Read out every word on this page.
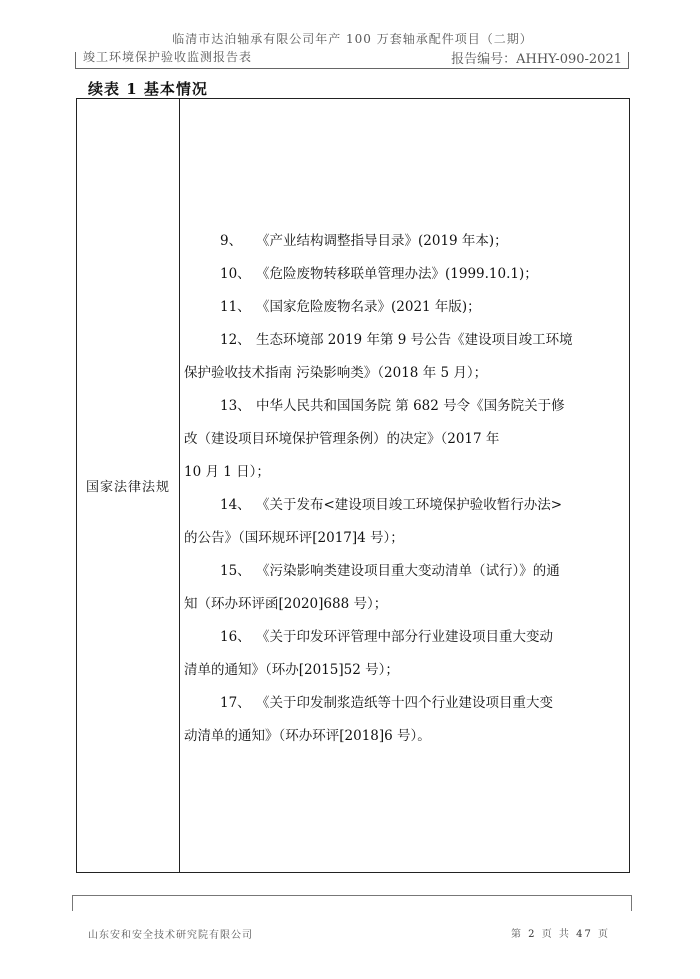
临清市达泊轴承有限公司年产 100 万套轴承配件项目（二期）
竣工环境保护验收监测报告表	报告编号：AHHY-090-2021
续表 1 基本情况
国家法律法规	
9、 《产业结构调整指导目录》(2019 年本)；
10、 《危险废物转移联单管理办法》(1999.10.1)；
11、 《国家危险废物名录》(2021 年版)；
12、 生态环境部 2019 年第 9 号公告《建设项目竣工环境
保护验收技术指南 污染影响类》（2018 年 5 月）；
13、 中华人民共和国国务院 第 682 号令《国务院关于修
改（建设项目环境保护管理条例）的决定》（2017 年
10 月 1 日）；
14、 《关于发布<建设项目竣工环境保护验收暂行办法>
的公告》（国环规环评[2017]4 号）；
15、 《污染影响类建设项目重大变动清单（试行）》的通
知（环办环评函[2020]688 号）；
16、 《关于印发环评管理中部分行业建设项目重大变动
清单的通知》（环办[2015]52 号）；
17、 《关于印发制浆造纸等十四个行业建设项目重大变
动清单的通知》（环办环评[2018]6 号）。
山东安和安全技术研究院有限公司	第 2 页 共 47 页
